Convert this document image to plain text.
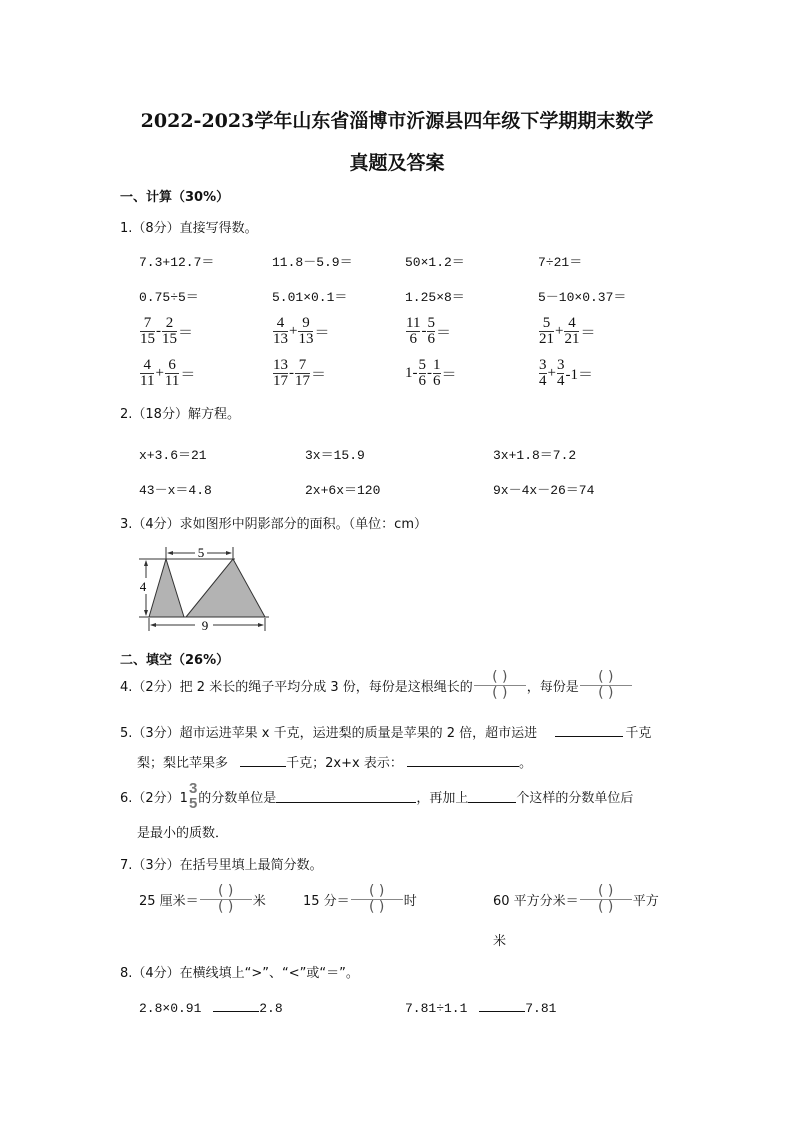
2022-2023学年山东省淄博市沂源县四年级下学期期末数学
真题及答案
一、计算（30%）
1.（8分）直接写得数。
7.3+12.7＝	11.8－5.9＝	50×1.2＝	7÷21＝
0.75÷5＝	5.01×0.1＝	1.25×8＝	5－10×0.37＝
$\frac{7}{15} - \frac{2}{15}$ ＝	$\frac{4}{13} + \frac{9}{13}$ ＝	$\frac{11}{6} - \frac{5}{6}$ ＝	$\frac{5}{21} + \frac{4}{21}$ ＝
$\frac{4}{11} + \frac{6}{11}$ ＝	$\frac{13}{17} - \frac{7}{17}$ ＝	$1- \frac{5}{6} - \frac{1}{6}$ ＝	$\frac{3}{4} + \frac{3}{4} -1=$
2.（18分）解方程。
x+3.6＝21	3x＝15.9	3x+1.8＝7.2
43－x＝4.8	2x+6x＝120	9x－4x－26＝74
3.（4分）求如图形中阴影部分的面积。（单位：cm）
5
4
9
二、填空（26%）
4.（2分）把 2 米长的绳子平均分成 3 份，每份是这根绳长的 $\frac{( )}{( )}$ ，每份是 $\frac{( )}{( )}$
5.（3分）超市运进苹果 x 千克，运进梨的质量是苹果的 2 倍，超市运进	千克
梨；梨比苹果多	千克；2x+x 表示：	。
6.（2分）1
3
5 的分数单位是	，再加上	个这样的分数单位后
是最小的质数．
7.（3分）在括号里填上最简分数。
25 厘米＝ $\frac{( )}{( )}$ 米	15 分＝ $\frac{( )}{( )}$ 时	60 平方分米＝ $\frac{( )}{( )}$ 平方
米
8.（4分）在横线填上“>”、“<”或“＝”。
2.8×0.91	2.8	7.81÷1.1	7.81
